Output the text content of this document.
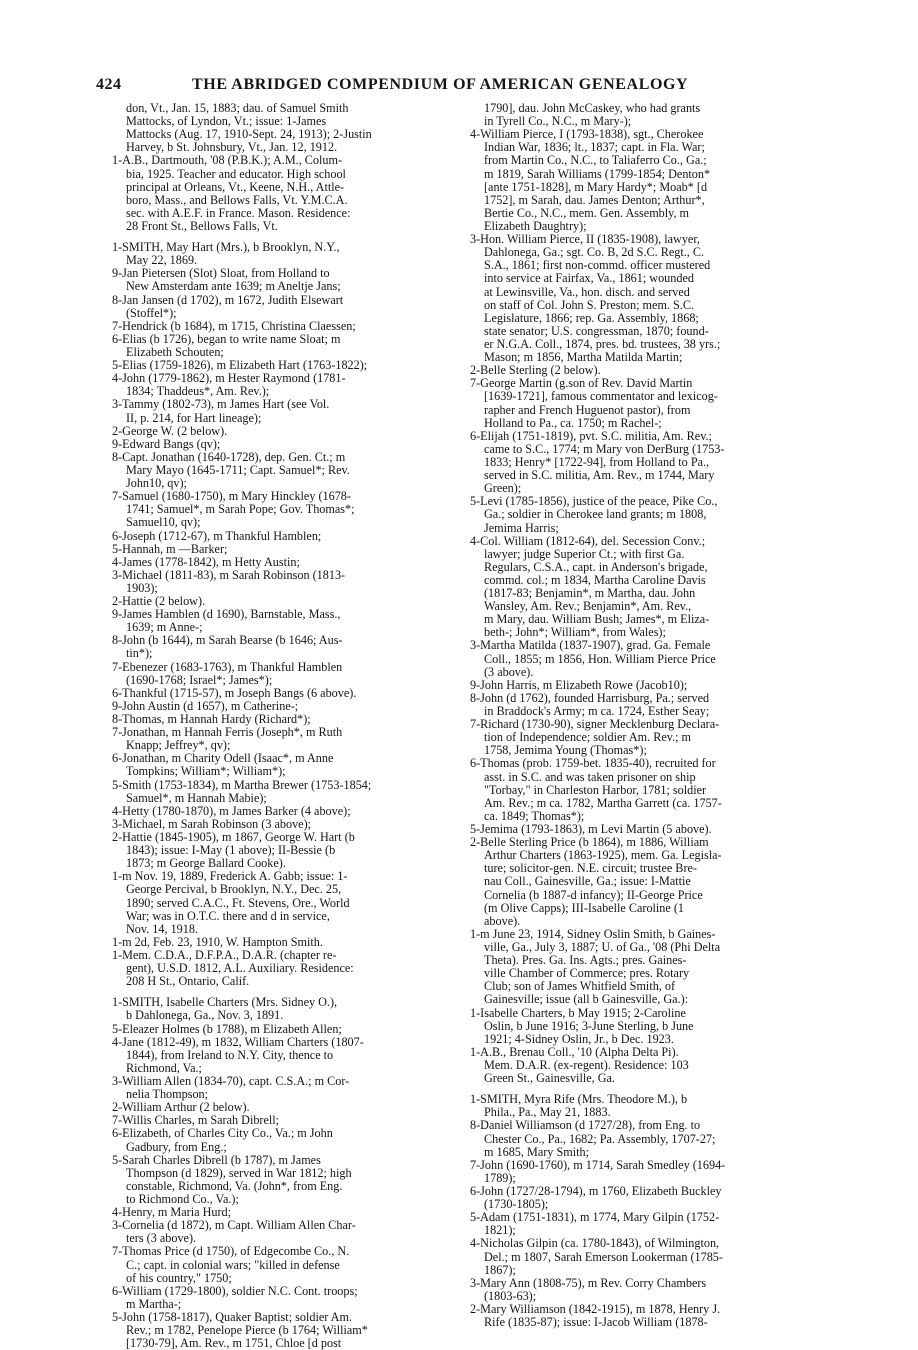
424	THE ABRIDGED COMPENDIUM OF AMERICAN GENEALOGY
don, Vt., Jan. 15, 1883; dau. of Samuel Smith
Mattocks, of Lyndon, Vt.; issue: 1-James
Mattocks (Aug. 17, 1910-Sept. 24, 1913); 2-Justin
Harvey, b St. Johnsbury, Vt., Jan. 12, 1912.
1-A.B., Dartmouth, '08 (P.B.K.); A.M., Colum-
bia, 1925. Teacher and educator. High school
principal at Orleans, Vt., Keene, N.H., Attle-
boro, Mass., and Bellows Falls, Vt. Y.M.C.A.
sec. with A.E.F. in France. Mason. Residence:
28 Front St., Bellows Falls, Vt.
1-SMITH, May Hart (Mrs.), b Brooklyn, N.Y.,
May 22, 1869.
9-Jan Pietersen (Slot) Sloat, from Holland to
New Amsterdam ante 1639; m Aneltje Jans;
8-Jan Jansen (d 1702), m 1672, Judith Elsewart
(Stoffel*);
7-Hendrick (b 1684), m 1715, Christina Claessen;
6-Elias (b 1726), began to write name Sloat; m
Elizabeth Schouten;
5-Elias (1759-1826), m Elizabeth Hart (1763-1822);
4-John (1779-1862), m Hester Raymond (1781-
1834; Thaddeus*, Am. Rev.);
3-Tammy (1802-73), m James Hart (see Vol.
II, p. 214, for Hart lineage);
2-George W. (2 below).
9-Edward Bangs (qv);
8-Capt. Jonathan (1640-1728), dep. Gen. Ct.; m
Mary Mayo (1645-1711; Capt. Samuel*; Rev.
John10, qv);
7-Samuel (1680-1750), m Mary Hinckley (1678-
1741; Samuel*, m Sarah Pope; Gov. Thomas*;
Samuel10, qv);
6-Joseph (1712-67), m Thankful Hamblen;
5-Hannah, m —Barker;
4-James (1778-1842), m Hetty Austin;
3-Michael (1811-83), m Sarah Robinson (1813-
1903);
2-Hattie (2 below).
9-James Hamblen (d 1690), Barnstable, Mass.,
1639; m Anne-;
8-John (b 1644), m Sarah Bearse (b 1646; Aus-
tin*);
7-Ebenezer (1683-1763), m Thankful Hamblen
(1690-1768; Israel*; James*);
6-Thankful (1715-57), m Joseph Bangs (6 above).
9-John Austin (d 1657), m Catherine-;
8-Thomas, m Hannah Hardy (Richard*);
7-Jonathan, m Hannah Ferris (Joseph*, m Ruth
Knapp; Jeffrey*, qv);
6-Jonathan, m Charity Odell (Isaac*, m Anne
Tompkins; William*; William*);
5-Smith (1753-1834), m Martha Brewer (1753-1854;
Samuel*, m Hannah Mabie);
4-Hetty (1780-1870), m James Barker (4 above);
3-Michael, m Sarah Robinson (3 above);
2-Hattie (1845-1905), m 1867, George W. Hart (b
1843); issue: I-May (1 above); II-Bessie (b
1873; m George Ballard Cooke).
1-m Nov. 19, 1889, Frederick A. Gabb; issue: 1-
George Percival, b Brooklyn, N.Y., Dec. 25,
1890; served C.A.C., Ft. Stevens, Ore., World
War; was in O.T.C. there and d in service,
Nov. 14, 1918.
1-m 2d, Feb. 23, 1910, W. Hampton Smith.
1-Mem. C.D.A., D.F.P.A., D.A.R. (chapter re-
gent), U.S.D. 1812, A.L. Auxiliary. Residence:
208 H St., Ontario, Calif.
1-SMITH, Isabelle Charters (Mrs. Sidney O.),
b Dahlonega, Ga., Nov. 3, 1891.
5-Eleazer Holmes (b 1788), m Elizabeth Allen;
4-Jane (1812-49), m 1832, William Charters (1807-
1844), from Ireland to N.Y. City, thence to
Richmond, Va.;
3-William Allen (1834-70), capt. C.S.A.; m Cor-
nelia Thompson;
2-William Arthur (2 below).
7-Willis Charles, m Sarah Dibrell;
6-Elizabeth, of Charles City Co., Va.; m John
Gadbury, from Eng.;
5-Sarah Charles Dibrell (b 1787), m James
Thompson (d 1829), served in War 1812; high
constable, Richmond, Va. (John*, from Eng.
to Richmond Co., Va.);
4-Henry, m Maria Hurd;
3-Cornelia (d 1872), m Capt. William Allen Char-
ters (3 above).
7-Thomas Price (d 1750), of Edgecombe Co., N.
C.; capt. in colonial wars; "killed in defense
of his country," 1750;
6-William (1729-1800), soldier N.C. Cont. troops;
m Martha-;
5-John (1758-1817), Quaker Baptist; soldier Am.
Rev.; m 1782, Penelope Pierce (b 1764; William*
[1730-79], Am. Rev., m 1751, Chloe [d post
1790], dau. John McCaskey, who had grants
in Tyrell Co., N.C., m Mary-);
4-William Pierce, I (1793-1838), sgt., Cherokee
Indian War, 1836; lt., 1837; capt. in Fla. War;
from Martin Co., N.C., to Taliaferro Co., Ga.;
m 1819, Sarah Williams (1799-1854; Denton*
[ante 1751-1828], m Mary Hardy*; Moab* [d
1752], m Sarah, dau. James Denton; Arthur*,
Bertie Co., N.C., mem. Gen. Assembly, m
Elizabeth Daughtry);
3-Hon. William Pierce, II (1835-1908), lawyer,
Dahlonega, Ga.; sgt. Co. B, 2d S.C. Regt., C.
S.A., 1861; first non-commd. officer mustered
into service at Fairfax, Va., 1861; wounded
at Lewinsville, Va., hon. disch. and served
on staff of Col. John S. Preston; mem. S.C.
Legislature, 1866; rep. Ga. Assembly, 1868;
state senator; U.S. congressman, 1870; found-
er N.G.A. Coll., 1874, pres. bd. trustees, 38 yrs.;
Mason; m 1856, Martha Matilda Martin;
2-Belle Sterling (2 below).
7-George Martin (g.son of Rev. David Martin
[1639-1721], famous commentator and lexicog-
rapher and French Huguenot pastor), from
Holland to Pa., ca. 1750; m Rachel-;
6-Elijah (1751-1819), pvt. S.C. militia, Am. Rev.;
came to S.C., 1774; m Mary von DerBurg (1753-
1833; Henry* [1722-94], from Holland to Pa.,
served in S.C. militia, Am. Rev., m 1744, Mary
Green);
5-Levi (1785-1856), justice of the peace, Pike Co.,
Ga.; soldier in Cherokee land grants; m 1808,
Jemima Harris;
4-Col. William (1812-64), del. Secession Conv.;
lawyer; judge Superior Ct.; with first Ga.
Regulars, C.S.A., capt. in Anderson's brigade,
commd. col.; m 1834, Martha Caroline Davis
(1817-83; Benjamin*, m Martha, dau. John
Wansley, Am. Rev.; Benjamin*, Am. Rev.,
m Mary, dau. William Bush; James*, m Eliza-
beth-; John*; William*, from Wales);
3-Martha Matilda (1837-1907), grad. Ga. Female
Coll., 1855; m 1856, Hon. William Pierce Price
(3 above).
9-John Harris, m Elizabeth Rowe (Jacob10);
8-John (d 1762), founded Harrisburg, Pa.; served
in Braddock's Army; m ca. 1724, Esther Seay;
7-Richard (1730-90), signer Mecklenburg Declara-
tion of Independence; soldier Am. Rev.; m
1758, Jemima Young (Thomas*);
6-Thomas (prob. 1759-bet. 1835-40), recruited for
asst. in S.C. and was taken prisoner on ship
"Torbay," in Charleston Harbor, 1781; soldier
Am. Rev.; m ca. 1782, Martha Garrett (ca. 1757-
ca. 1849; Thomas*);
5-Jemima (1793-1863), m Levi Martin (5 above).
2-Belle Sterling Price (b 1864), m 1886, William
Arthur Charters (1863-1925), mem. Ga. Legisla-
ture; solicitor-gen. N.E. circuit; trustee Bre-
nau Coll., Gainesville, Ga.; issue: I-Mattie
Cornelia (b 1887-d infancy); II-George Price
(m Olive Capps); III-Isabelle Caroline (1
above).
1-m June 23, 1914, Sidney Oslin Smith, b Gaines-
ville, Ga., July 3, 1887; U. of Ga., '08 (Phi Delta
Theta). Pres. Ga. Ins. Agts.; pres. Gaines-
ville Chamber of Commerce; pres. Rotary
Club; son of James Whitfield Smith, of
Gainesville; issue (all b Gainesville, Ga.):
1-Isabelle Charters, b May 1915; 2-Caroline
Oslin, b June 1916; 3-June Sterling, b June
1921; 4-Sidney Oslin, Jr., b Dec. 1923.
1-A.B., Brenau Coll., '10 (Alpha Delta Pi).
Mem. D.A.R. (ex-regent). Residence: 103
Green St., Gainesville, Ga.
1-SMITH, Myra Rife (Mrs. Theodore M.), b
Phila., Pa., May 21, 1883.
8-Daniel Williamson (d 1727/28), from Eng. to
Chester Co., Pa., 1682; Pa. Assembly, 1707-27;
m 1685, Mary Smith;
7-John (1690-1760), m 1714, Sarah Smedley (1694-
1789);
6-John (1727/28-1794), m 1760, Elizabeth Buckley
(1730-1805);
5-Adam (1751-1831), m 1774, Mary Gilpin (1752-
1821);
4-Nicholas Gilpin (ca. 1780-1843), of Wilmington,
Del.; m 1807, Sarah Emerson Lookerman (1785-
1867);
3-Mary Ann (1808-75), m Rev. Corry Chambers
(1803-63);
2-Mary Williamson (1842-1915), m 1878, Henry J.
Rife (1835-87); issue: I-Jacob William (1878-
